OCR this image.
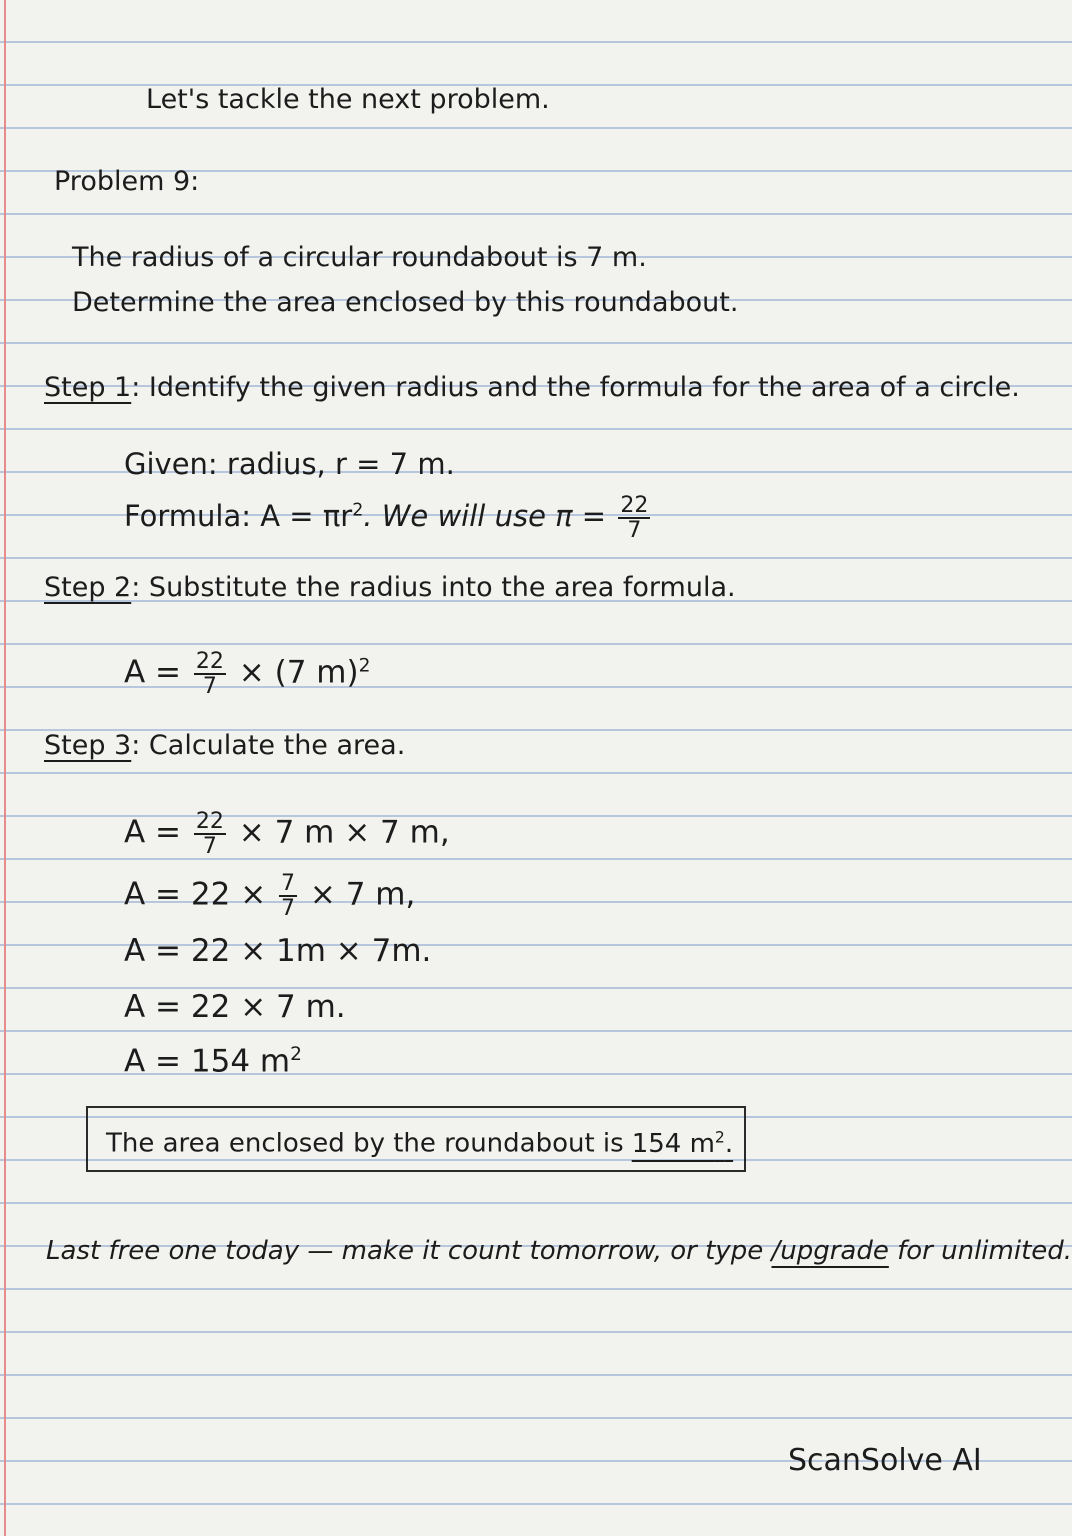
Let's tackle the next problem.
Problem 9:
The radius of a circular roundabout is 7 m.
Determine the area enclosed by this roundabout.
Step 1: Identify the given radius and the formula for the area of a circle.
Given: radius, r = 7 m.
Formula: $A = \pi r^2$. We will use $\pi = \frac{22}{7}$
Step 2: Substitute the radius into the area formula.
$A = \frac{22}{7} \times (7$ m)$^2$
Step 3: Calculate the area.
$A = \frac{22}{7} \times 7$ m × 7 m,
$A = 22 \times \frac{7}{7} \times 7$ m,
A = 22 × 1m × 7m.
A = 22 × 7 m.
A = 154 $m^2$
The area enclosed by the roundabout is 154 $m^2$.
Last free one today — make it count tomorrow, or type /upgrade for unlimited.
ScanSolve AI
